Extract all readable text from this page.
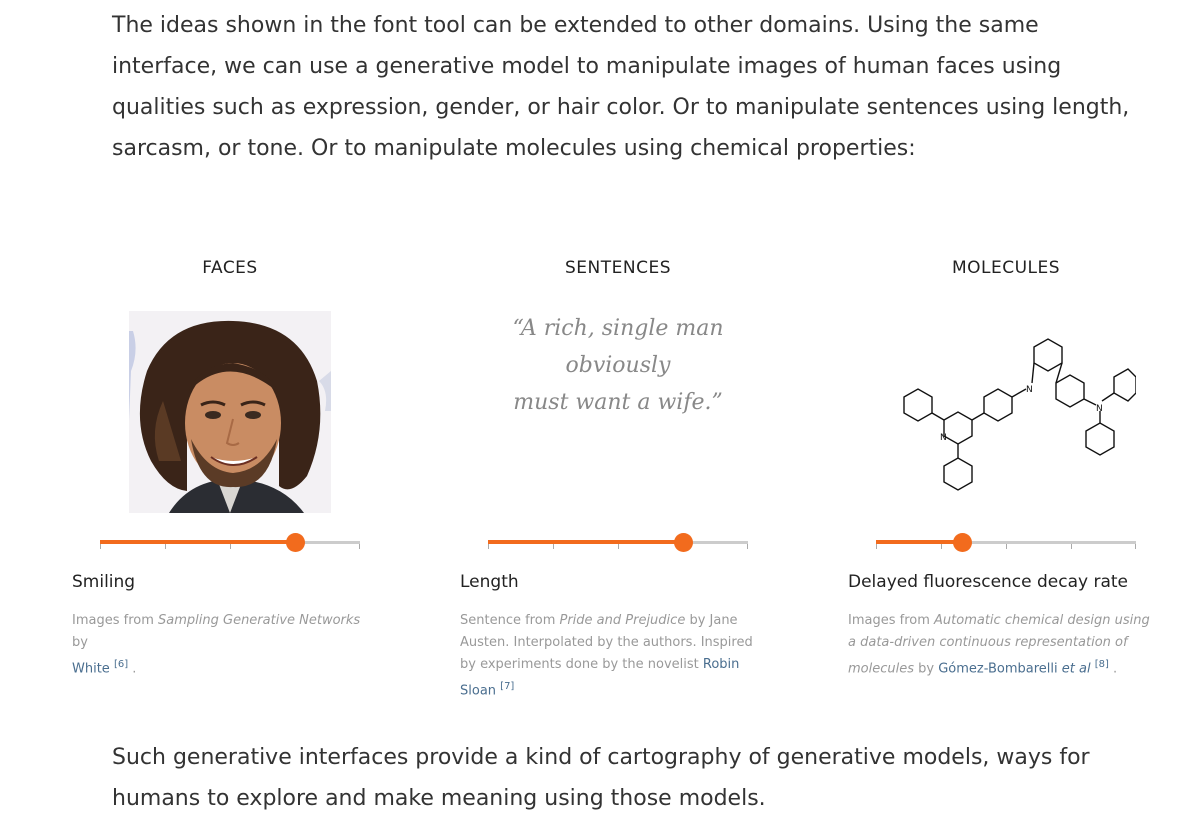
The ideas shown in the font tool can be extended to other domains. Using the same interface, we can use a generative model to manipulate images of human faces using qualities such as expression, gender, or hair color. Or to manipulate sentences using length, sarcasm, or tone. Or to manipulate molecules using chemical properties:

FACES
Smiling
Images from Sampling Generative Networks by
White [6] .
SENTENCES
“A rich, single man obviously
must want a wife.”
Length
Sentence from Pride and Prejudice by Jane Austen. Interpolated by the authors. Inspired by experiments done by the novelist Robin Sloan [7]
MOLECULES
N
N
N
Delayed fluorescence decay rate
Images from Automatic chemical design using a data-driven continuous representation of molecules by Gómez-Bombarelli et al [8] .

Such generative interfaces provide a kind of cartography of generative models, ways for humans to explore and make meaning using those models.
